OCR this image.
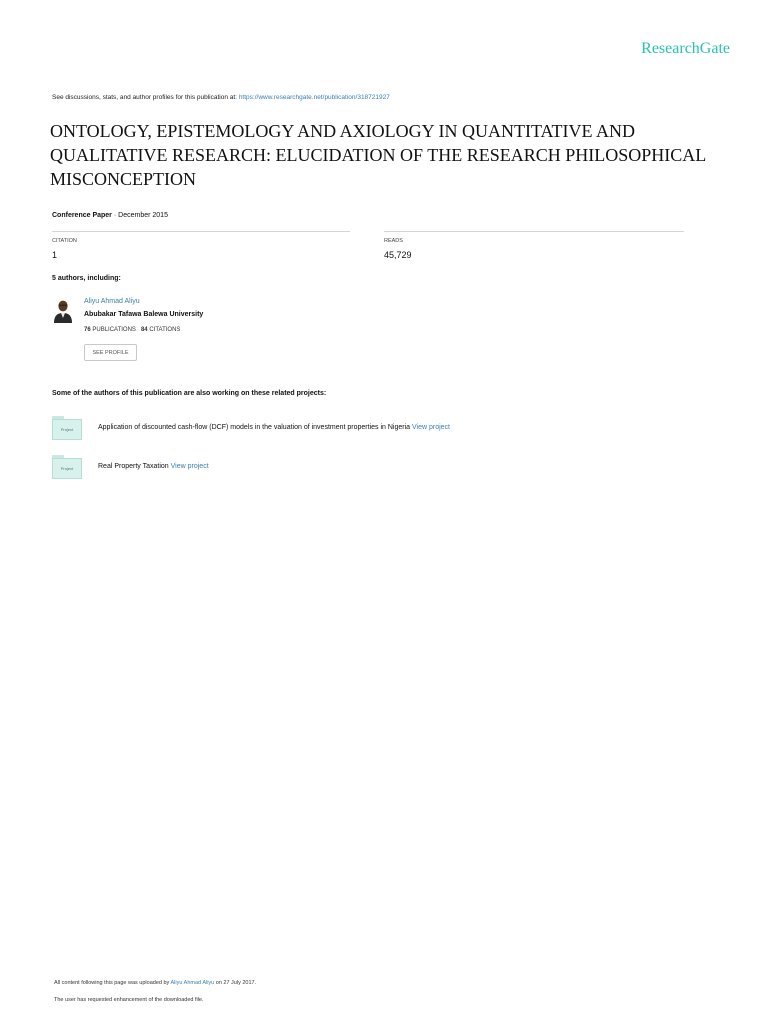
ResearchGate
See discussions, stats, and author profiles for this publication at: https://www.researchgate.net/publication/318721927
ONTOLOGY, EPISTEMOLOGY AND AXIOLOGY IN QUANTITATIVE AND QUALITATIVE RESEARCH: ELUCIDATION OF THE RESEARCH PHILOSOPHICAL MISCONCEPTION
Conference Paper · December 2015
CITATION
1
READS
45,729
5 authors, including:
Aliyu Ahmad Aliyu
Abubakar Tafawa Balewa University
76 PUBLICATIONS 84 CITATIONS
SEE PROFILE
Some of the authors of this publication are also working on these related projects:
Project	Application of discounted cash-flow (DCF) models in the valuation of investment properties in Nigeria View project
Project	Real Property Taxation View project
All content following this page was uploaded by Aliyu Ahmad Aliyu on 27 July 2017.
The user has requested enhancement of the downloaded file.
